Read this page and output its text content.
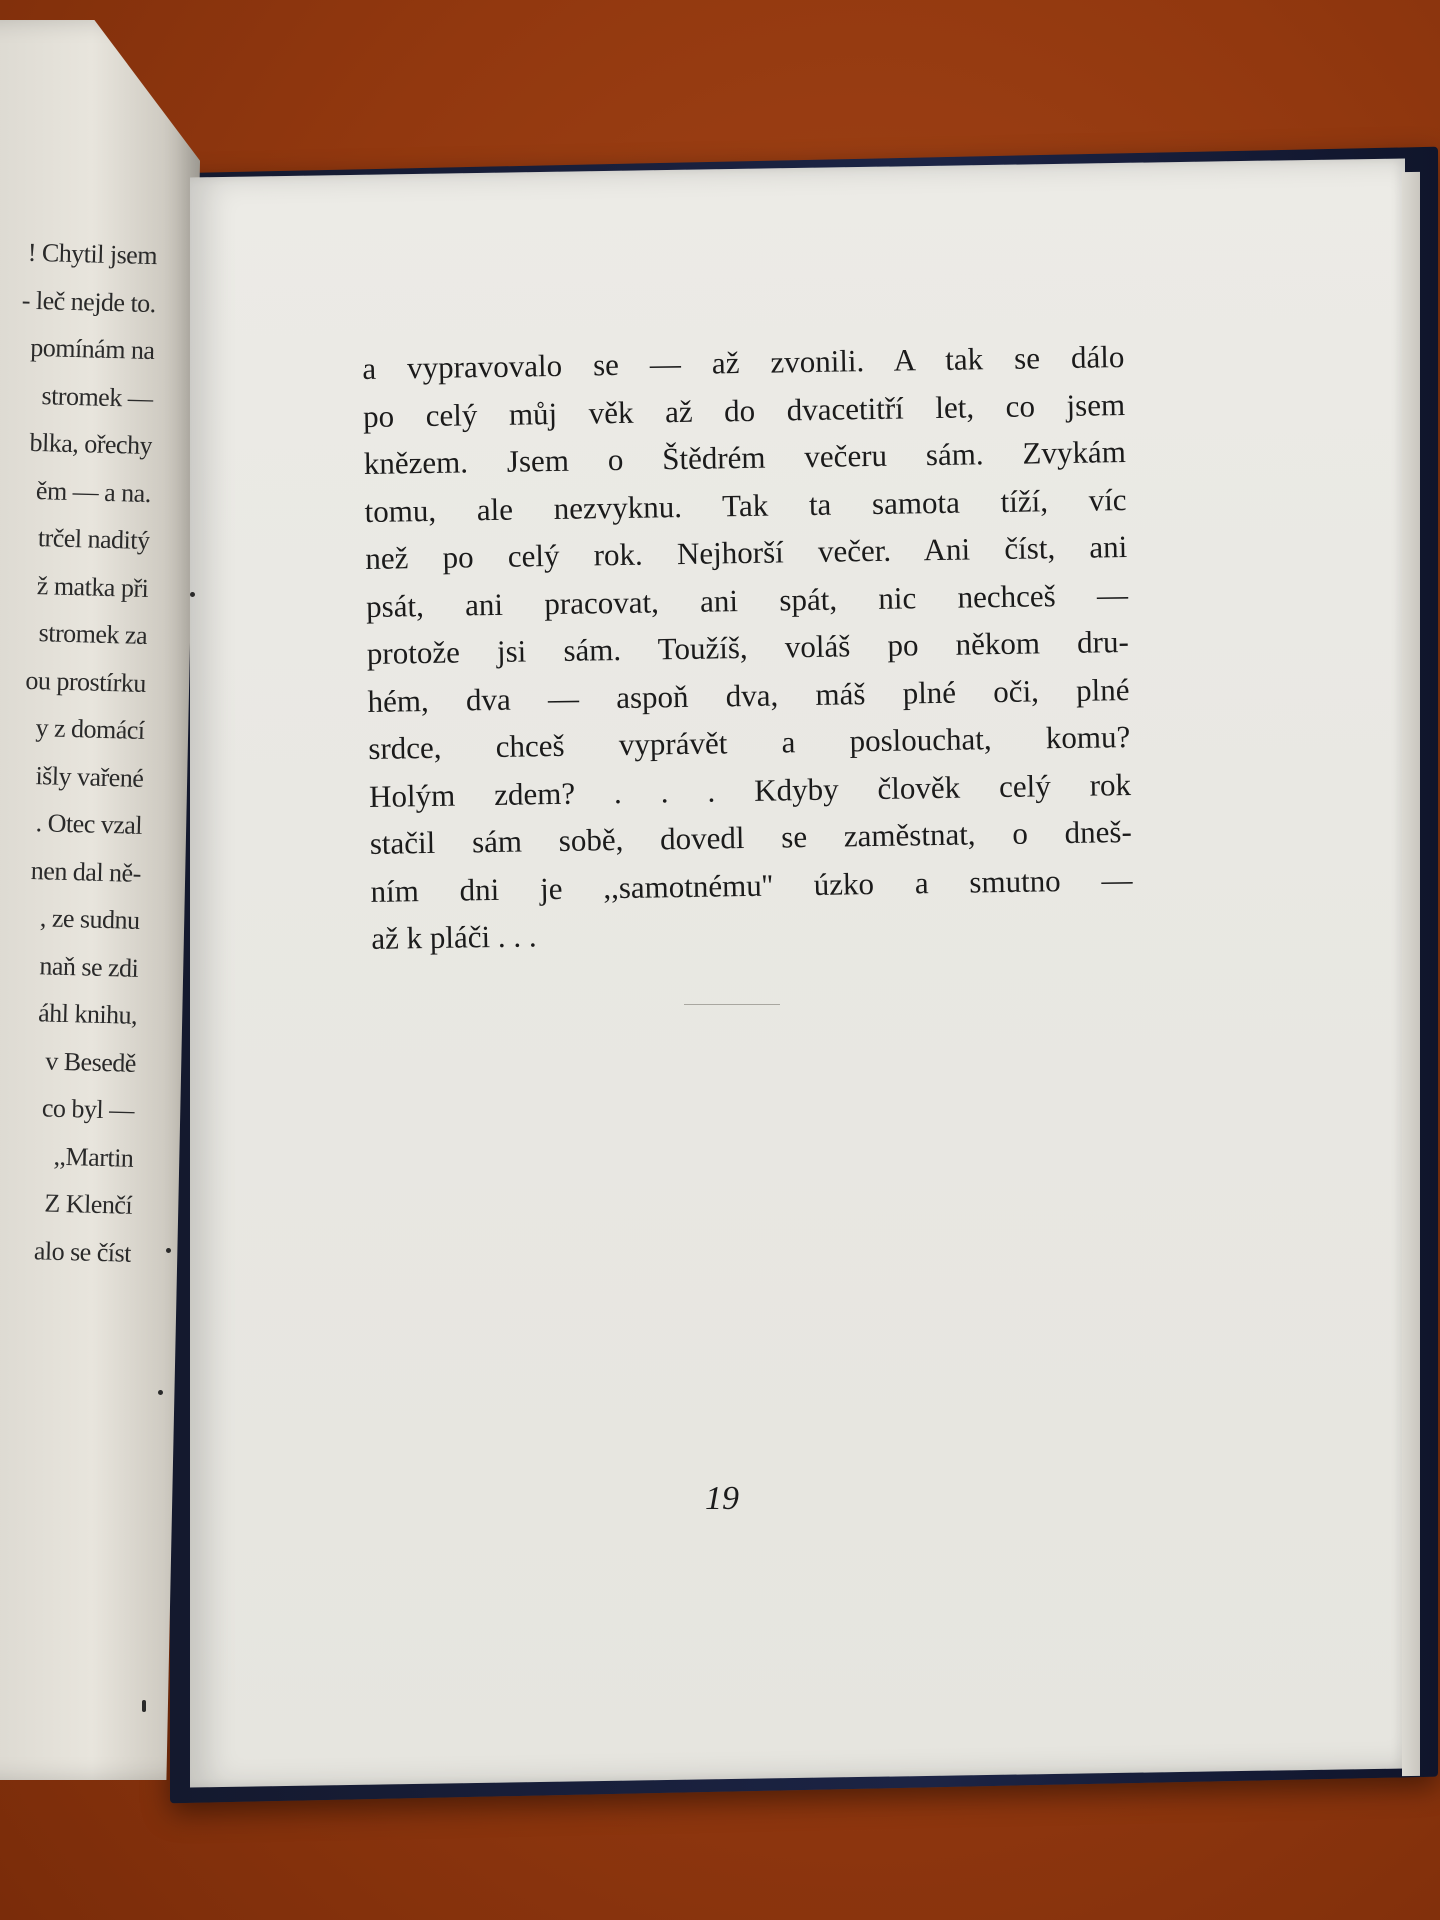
! Chytil jsem
- leč nejde to.
pomínám na
stromek —
blka, ořechy
ěm — a na.
trčel naditý
ž matka při
stromek za
ou prostírku
y z domácí
išly vařené
. Otec vzal
nen dal ně-
, ze sudnu
naň se zdi
áhl knihu,
v Besedě
co byl —
,,Martin
Z Klenčí
alo se číst
a vypravovalo se — až zvonili. A tak se dálo
po celý můj věk až do dvacetitří let, co jsem
knězem. Jsem o Štědrém večeru sám. Zvykám
tomu, ale nezvyknu. Tak ta samota tíží, víc
než po celý rok. Nejhorší večer. Ani číst, ani
psát, ani pracovat, ani spát, nic nechceš —
protože jsi sám. Toužíš, voláš po někom dru-
hém, dva — aspoň dva, máš plné oči, plné
srdce, chceš vyprávět a poslouchat, komu?
Holým zdem? . . . Kdyby člověk celý rok
stačil sám sobě, dovedl se zaměstnat, o dneš-
ním dni je ,,samotnému'' úzko a smutno —
až k pláči . . .
19
